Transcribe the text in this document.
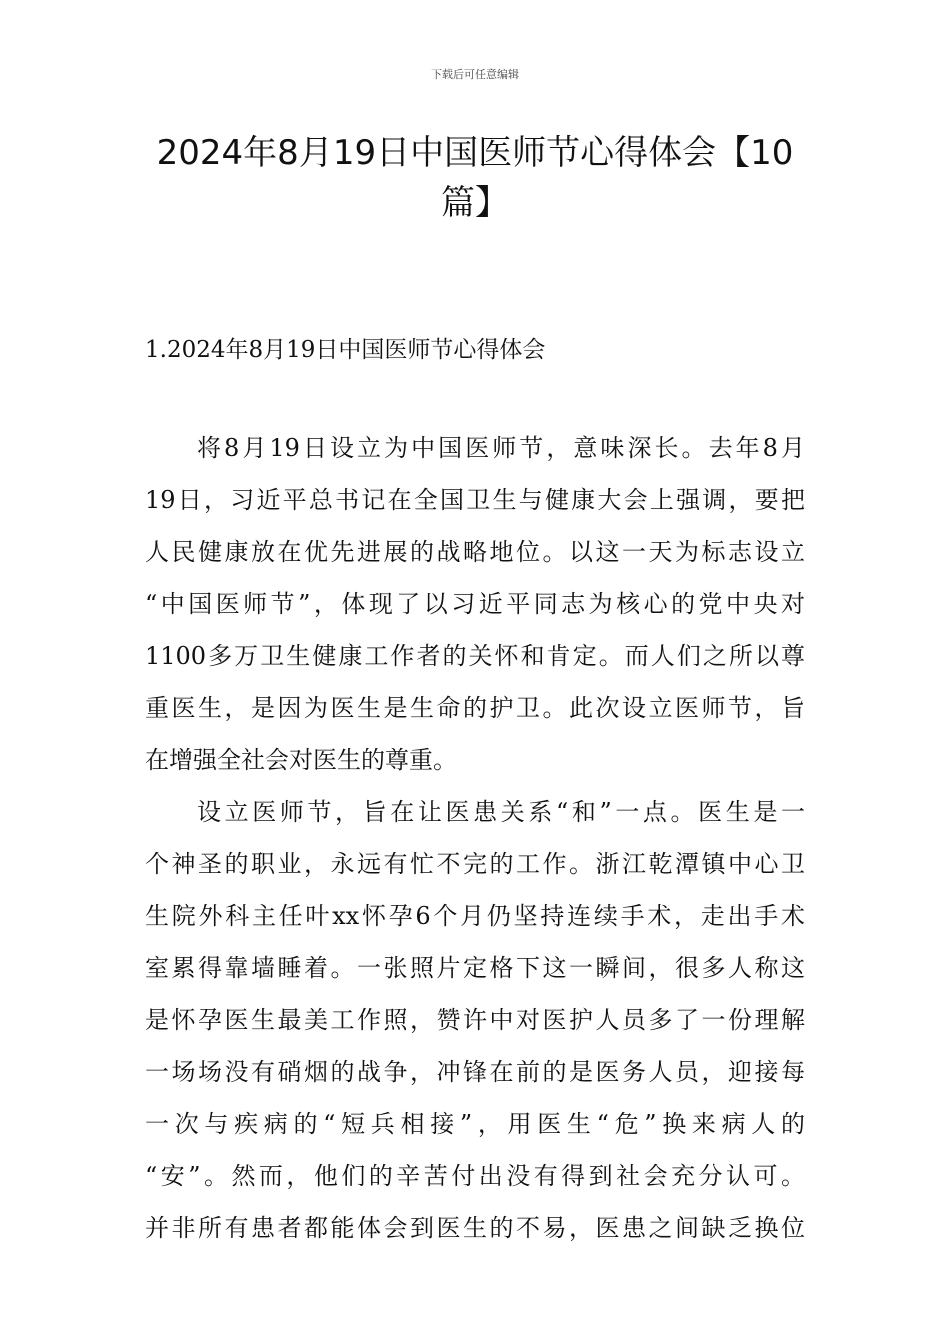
下载后可任意编辑
2024年8月19日中国医师节心得体会【10
篇】
1.2024年8月19日中国医师节心得体会
将8月19日设立为中国医师节，意味深长。去年8月
19日，习近平总书记在全国卫生与健康大会上强调，要把
人民健康放在优先进展的战略地位。以这一天为标志设立
“中国医师节”，体现了以习近平同志为核心的党中央对
1100多万卫生健康工作者的关怀和肯定。而人们之所以尊
重医生，是因为医生是生命的护卫。此次设立医师节，旨
在增强全社会对医生的尊重。
设立医师节，旨在让医患关系“和”一点。医生是一
个神圣的职业，永远有忙不完的工作。浙江乾潭镇中心卫
生院外科主任叶xx怀孕6个月仍坚持连续手术，走出手术
室累得靠墙睡着。一张照片定格下这一瞬间，很多人称这
是怀孕医生最美工作照，赞许中对医护人员多了一份理解
一场场没有硝烟的战争，冲锋在前的是医务人员，迎接每
一次与疾病的“短兵相接”，用医生“危”换来病人的
“安”。然而，他们的辛苦付出没有得到社会充分认可。
并非所有患者都能体会到医生的不易，医患之间缺乏换位
